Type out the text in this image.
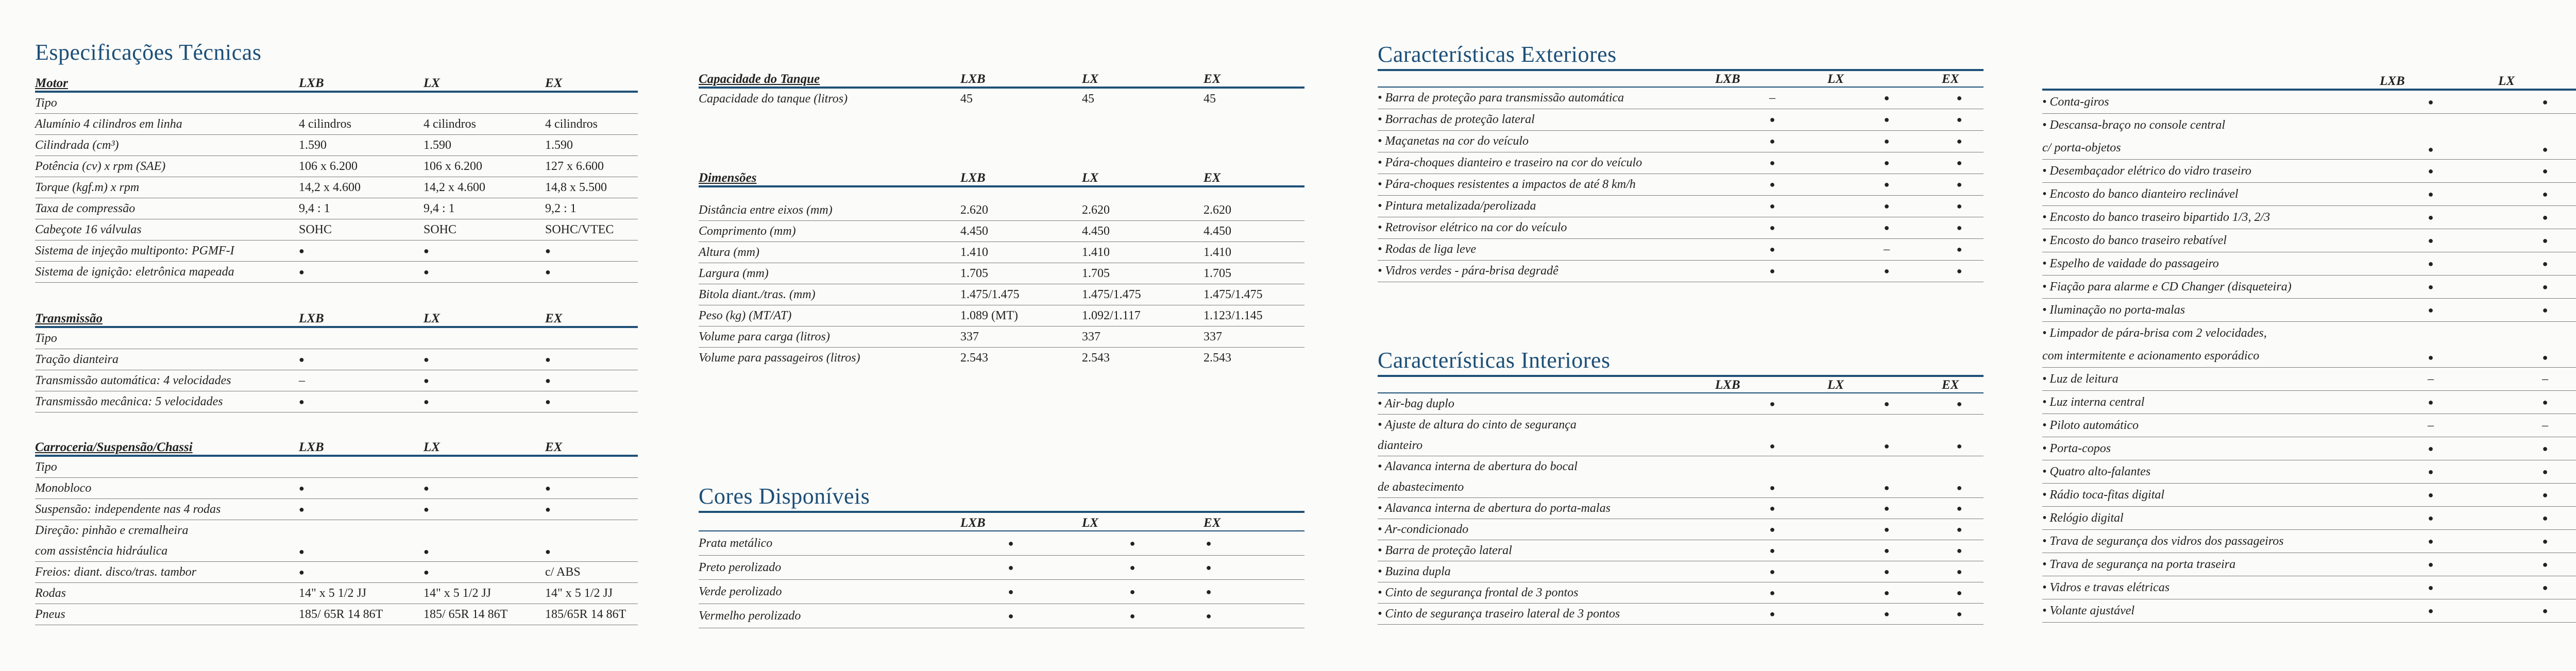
Especificações Técnicas
Motor	LXB	LX	EX
Tipo
Alumínio 4 cilindros em linha	4 cilindros	4 cilindros	4 cilindros
Cilindrada (cm³)	1.590	1.590	1.590
Potência (cv) x rpm (SAE)	106 x 6.200	106 x 6.200	127 x 6.600
Torque (kgf.m) x rpm	14,2 x 4.600	14,2 x 4.600	14,8 x 5.500
Taxa de compressão	9,4 : 1	9,4 : 1	9,2 : 1
Cabeçote 16 válvulas	SOHC	SOHC	SOHC/VTEC
Sistema de injeção multiponto: PGMF-I	●	●	●
Sistema de ignição: eletrônica mapeada	●	●	●
Transmissão	LXB	LX	EX
Tipo
Tração dianteira	●	●	●
Transmissão automática: 4 velocidades	–	●	●
Transmissão mecânica: 5 velocidades	●	●	●
Carroceria/Suspensão/Chassi	LXB	LX	EX
Tipo
Monobloco	●	●	●
Suspensão: independente nas 4 rodas	●	●	●
Direção: pinhão e cremalheira
com assistência hidráulica	●	●	●
Freios: diant. disco/tras. tambor	●	●	c/ ABS
Rodas	14" x 5 1/2 JJ	14" x 5 1/2 JJ	14" x 5 1/2 JJ
Pneus	185/ 65R 14 86T	185/ 65R 14 86T	185/65R 14 86T
Capacidade do Tanque	LXB	LX	EX
Capacidade do tanque (litros)	45	45	45
Dimensões	LXB	LX	EX
Distância entre eixos (mm)	2.620	2.620	2.620
Comprimento (mm)	4.450	4.450	4.450
Altura (mm)	1.410	1.410	1.410
Largura (mm)	1.705	1.705	1.705
Bitola diant./tras. (mm)	1.475/1.475	1.475/1.475	1.475/1.475
Peso (kg) (MT/AT)	1.089 (MT)	1.092/1.117	1.123/1.145
Volume para carga (litros)	337	337	337
Volume para passageiros (litros)	2.543	2.543	2.543
Cores Disponíveis
LXB	LX	EX
Prata metálico	●	●	●
Preto perolizado	●	●	●
Verde perolizado	●	●	●
Vermelho perolizado	●	●	●
Características Exteriores
LXB	LX	EX
• Barra de proteção para transmissão automática	–	●	●
• Borrachas de proteção lateral	●	●	●
• Maçanetas na cor do veículo	●	●	●
• Pára-choques dianteiro e traseiro na cor do veículo	●	●	●
• Pára-choques resistentes a impactos de até 8 km/h	●	●	●
• Pintura metalizada/perolizada	●	●	●
• Retrovisor elétrico na cor do veículo	●	●	●
• Rodas de liga leve	●	–	●
• Vidros verdes - pára-brisa degradê	●	●	●
Características Interiores
LXB	LX	EX
• Air-bag duplo	●	●	●
• Ajuste de altura do cinto de segurança
dianteiro	●	●	●
• Alavanca interna de abertura do bocal
de abastecimento	●	●	●
• Alavanca interna de abertura do porta-malas	●	●	●
• Ar-condicionado	●	●	●
• Barra de proteção lateral	●	●	●
• Buzina dupla	●	●	●
• Cinto de segurança frontal de 3 pontos	●	●	●
• Cinto de segurança traseiro lateral de 3 pontos	●	●	●
LXB	LX
• Conta-giros	●	●
• Descansa-braço no console central
c/ porta-objetos	●	●
• Desembaçador elétrico do vidro traseiro	●	●
• Encosto do banco dianteiro reclinável	●	●
• Encosto do banco traseiro bipartido 1/3, 2/3	●	●
• Encosto do banco traseiro rebatível	●	●
• Espelho de vaidade do passageiro	●	●
• Fiação para alarme e CD Changer (disqueteira)	●	●
• Iluminação no porta-malas	●	●
• Limpador de pára-brisa com 2 velocidades,
com intermitente e acionamento esporádico	●	●
• Luz de leitura	–	–
• Luz interna central	●	●
• Piloto automático	–	–
• Porta-copos	●	●
• Quatro alto-falantes	●	●
• Rádio toca-fitas digital	●	●
• Relógio digital	●	●
• Trava de segurança dos vidros dos passageiros	●	●
• Trava de segurança na porta traseira	●	●
• Vidros e travas elétricas	●	●
• Volante ajustável	●	●
